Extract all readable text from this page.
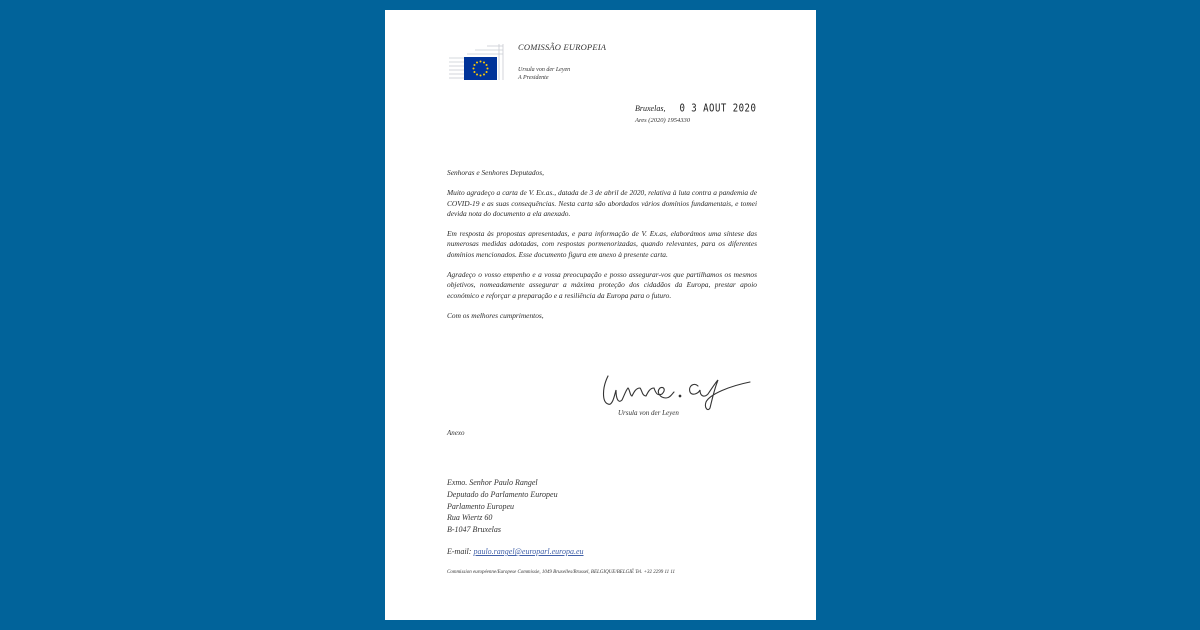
COMISSÃO EUROPEIA
Ursula von der Leyen
A Presidente
Bruxelas, 0 3 AOUT 2020
Ares (2020) 1954330

Senhoras e Senhores Deputados,

Muito agradeço a carta de V. Ex.as., datada de 3 de abril de 2020, relativa à luta contra a pandemia de COVID-19 e as suas consequências. Nesta carta são abordados vários domínios fundamentais, e tomei devida nota do documento a ela anexado.

Em resposta às propostas apresentadas, e para informação de V. Ex.as, elaborámos uma síntese das numerosas medidas adotadas, com respostas pormenorizadas, quando relevantes, para os diferentes domínios mencionados. Esse documento figura em anexo à presente carta.

Agradeço o vosso empenho e a vossa preocupação e posso assegurar-vos que partilhamos os mesmos objetivos, nomeadamente assegurar a máxima proteção dos cidadãos da Europa, prestar apoio económico e reforçar a preparação e a resiliência da Europa para o futuro.

Com os melhores cumprimentos,

Ursula von der Leyen
Anexo
Exmo. Senhor Paulo Rangel
Deputado do Parlamento Europeu
Parlamento Europeu
Rua Wiertz 60
B-1047 Bruxelas
E-mail: paulo.rangel@europarl.europa.eu
Commission européenne/Europese Commissie, 1049 Bruxelles/Brussel, BELGIQUE/BELGIË Tel. +32 2299 11 11
